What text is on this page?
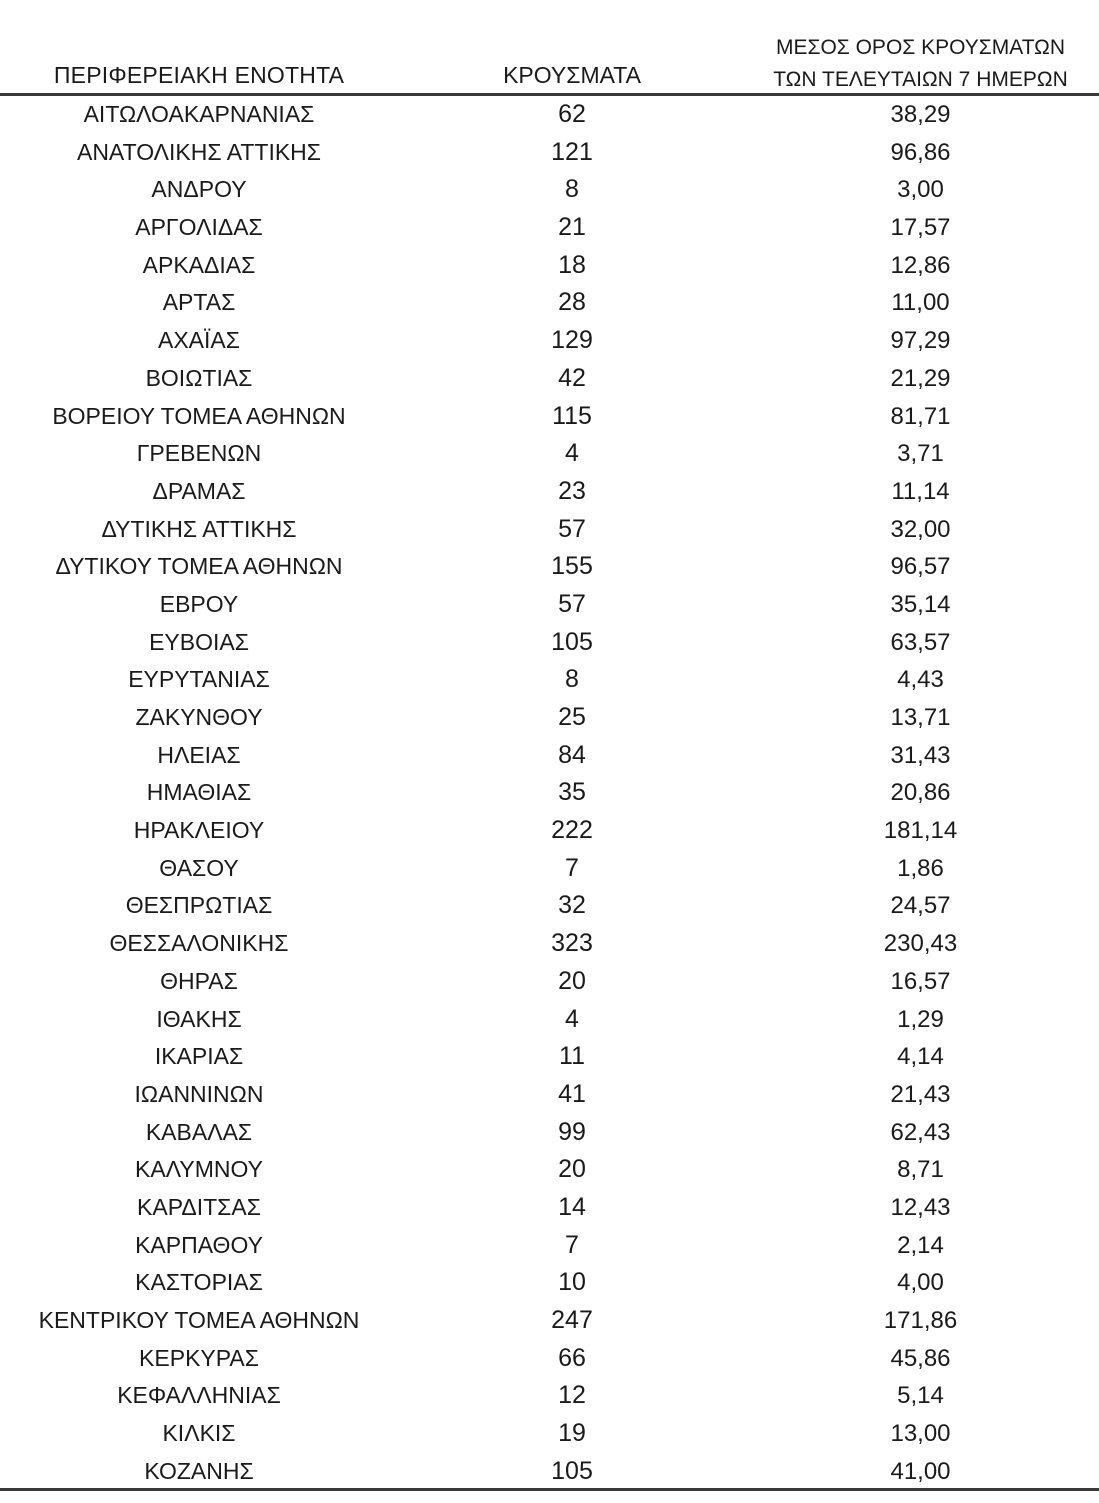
ΠΕΡΙΦΕΡΕΙΑΚΗ ΕΝΟΤΗΤΑ	ΚΡΟΥΣΜΑΤΑ
ΜΕΣΟΣ ΟΡΟΣ ΚΡΟΥΣΜΑΤΩΝ
ΤΩΝ ΤΕΛΕΥΤΑΙΩΝ 7 ΗΜΕΡΩΝ
ΑΙΤΩΛΟΑΚΑΡΝΑΝΙΑΣ	62	38,29
ΑΝΑΤΟΛΙΚΗΣ ΑΤΤΙΚΗΣ	121	96,86
ΑΝΔΡΟΥ	8	3,00
ΑΡΓΟΛΙΔΑΣ	21	17,57
ΑΡΚΑΔΙΑΣ	18	12,86
ΑΡΤΑΣ	28	11,00
ΑΧΑΪΑΣ	129	97,29
ΒΟΙΩΤΙΑΣ	42	21,29
ΒΟΡΕΙΟΥ ΤΟΜΕΑ ΑΘΗΝΩΝ	115	81,71
ΓΡΕΒΕΝΩΝ	4	3,71
ΔΡΑΜΑΣ	23	11,14
ΔΥΤΙΚΗΣ ΑΤΤΙΚΗΣ	57	32,00
ΔΥΤΙΚΟΥ ΤΟΜΕΑ ΑΘΗΝΩΝ	155	96,57
ΕΒΡΟΥ	57	35,14
ΕΥΒΟΙΑΣ	105	63,57
ΕΥΡΥΤΑΝΙΑΣ	8	4,43
ΖΑΚΥΝΘΟΥ	25	13,71
ΗΛΕΙΑΣ	84	31,43
ΗΜΑΘΙΑΣ	35	20,86
ΗΡΑΚΛΕΙΟΥ	222	181,14
ΘΑΣΟΥ	7	1,86
ΘΕΣΠΡΩΤΙΑΣ	32	24,57
ΘΕΣΣΑΛΟΝΙΚΗΣ	323	230,43
ΘΗΡΑΣ	20	16,57
ΙΘΑΚΗΣ	4	1,29
ΙΚΑΡΙΑΣ	11	4,14
ΙΩΑΝΝΙΝΩΝ	41	21,43
ΚΑΒΑΛΑΣ	99	62,43
ΚΑΛΥΜΝΟΥ	20	8,71
ΚΑΡΔΙΤΣΑΣ	14	12,43
ΚΑΡΠΑΘΟΥ	7	2,14
ΚΑΣΤΟΡΙΑΣ	10	4,00
ΚΕΝΤΡΙΚΟΥ ΤΟΜΕΑ ΑΘΗΝΩΝ	247	171,86
ΚΕΡΚΥΡΑΣ	66	45,86
ΚΕΦΑΛΛΗΝΙΑΣ	12	5,14
ΚΙΛΚΙΣ	19	13,00
ΚΟΖΑΝΗΣ	105	41,00
